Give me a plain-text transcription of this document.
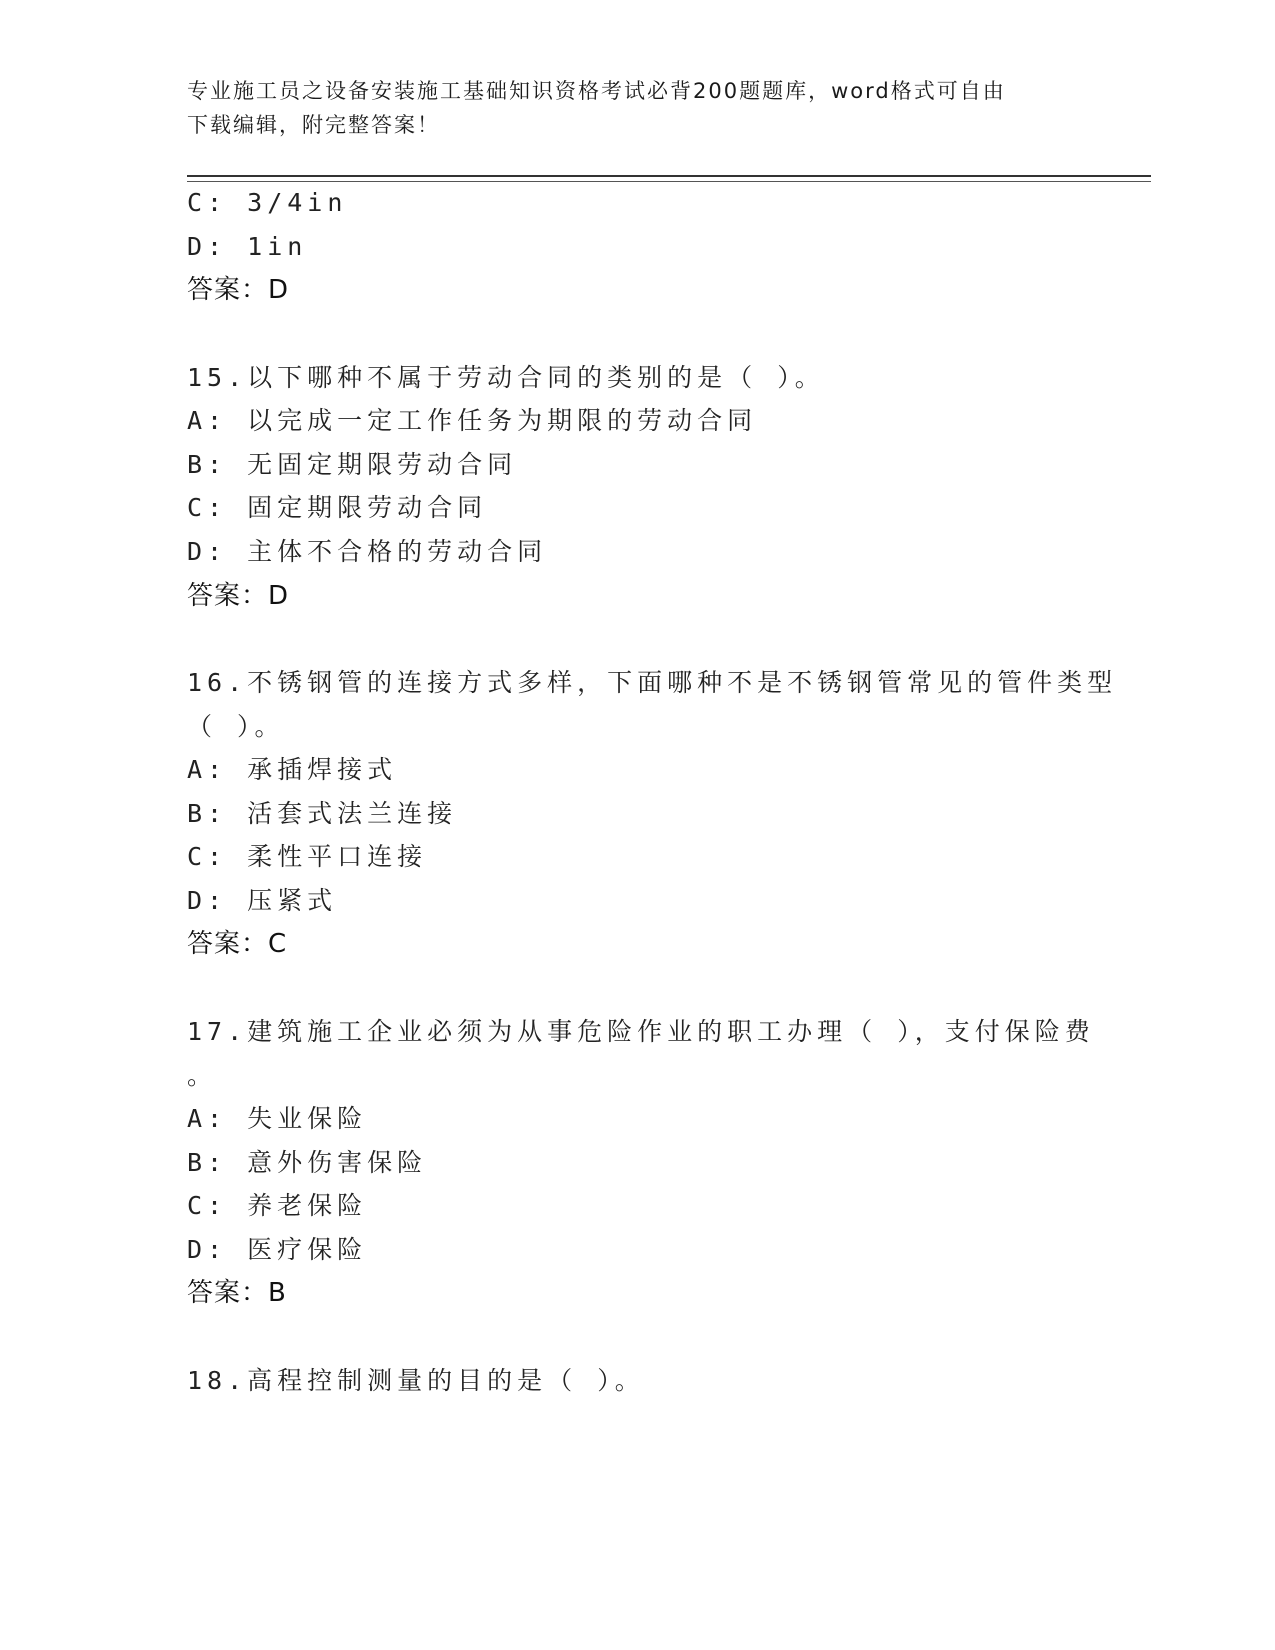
专业施工员之设备安装施工基础知识资格考试必背200题题库，word格式可自由
下载编辑，附完整答案！
C: 3/4in
D: 1in
答案：D
15.以下哪种不属于劳动合同的类别的是（ ）。
A: 以完成一定工作任务为期限的劳动合同
B: 无固定期限劳动合同
C: 固定期限劳动合同
D: 主体不合格的劳动合同
答案：D
16.不锈钢管的连接方式多样，下面哪种不是不锈钢管常见的管件类型
（ ）。
A: 承插焊接式
B: 活套式法兰连接
C: 柔性平口连接
D: 压紧式
答案：C
17.建筑施工企业必须为从事危险作业的职工办理（ ），支付保险费
。
A: 失业保险
B: 意外伤害保险
C: 养老保险
D: 医疗保险
答案：B
18.高程控制测量的目的是（ ）。
